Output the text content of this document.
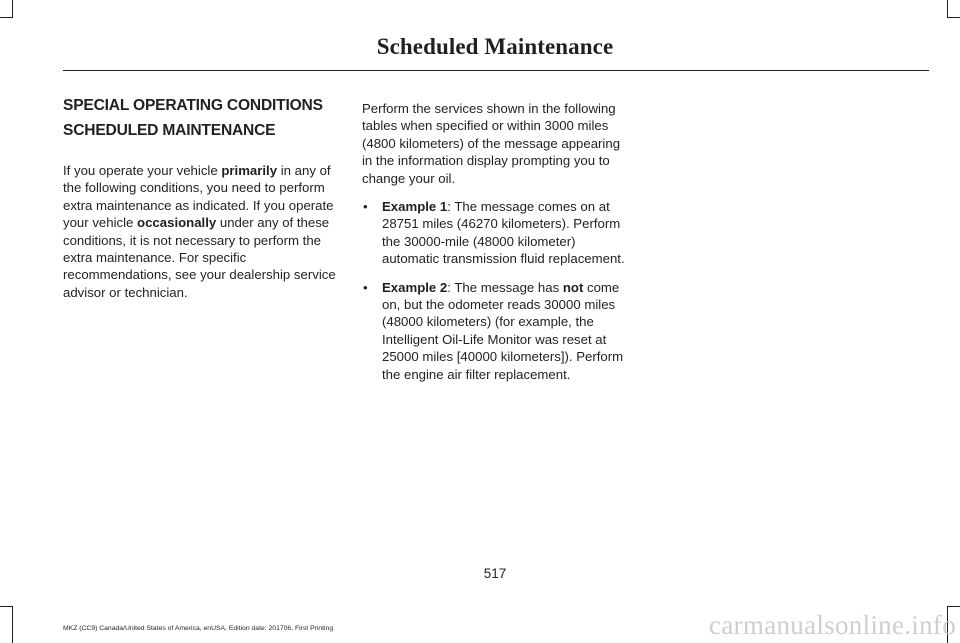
Scheduled Maintenance
SPECIAL OPERATING CONDITIONS
SCHEDULED MAINTENANCE

If you operate your vehicle primarily in any of the following conditions, you need to perform extra maintenance as indicated. If you operate your vehicle occasionally under any of these conditions, it is not necessary to perform the extra maintenance. For specific recommendations, see your dealership service advisor or technician.

Perform the services shown in the following tables when specified or within 3000 miles (4800 kilometers) of the message appearing in the information display prompting you to change your oil.

• Example 1: The message comes on at 28751 miles (46270 kilometers). Perform the 30000-mile (48000 kilometer) automatic transmission fluid replacement.
• Example 2: The message has not come on, but the odometer reads 30000 miles (48000 kilometers) (for example, the Intelligent Oil-Life Monitor was reset at 25000 miles [40000 kilometers]). Perform the engine air filter replacement.
517
MKZ (CC9) Canada/United States of America, enUSA, Edition date: 201706, First Printing	carmanualsonline.info
